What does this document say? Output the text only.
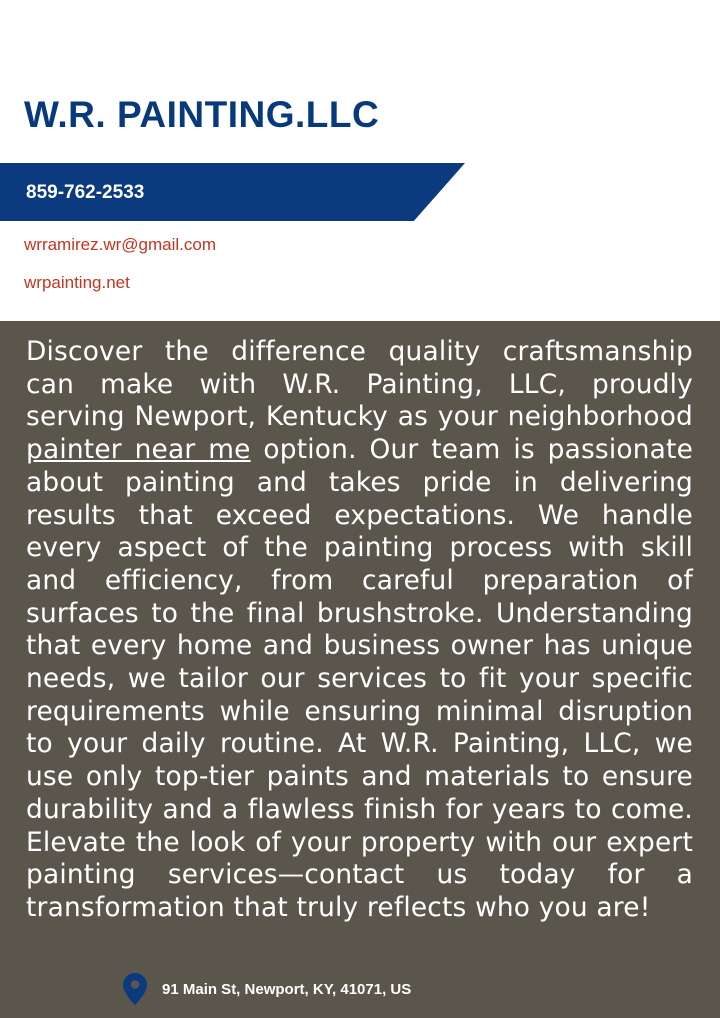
W.R. PAINTING.LLC
859-762-2533
wrramirez.wr@gmail.com
wrpainting.net

Discover the difference quality craftsmanship can make with W.R. Painting, LLC, proudly serving Newport, Kentucky as your neighborhood painter near me option. Our team is passionate about painting and takes pride in delivering results that exceed expectations. We handle every aspect of the painting process with skill and efficiency, from careful preparation of surfaces to the final brushstroke. Understanding that every home and business owner has unique needs, we tailor our services to fit your specific requirements while ensuring minimal disruption to your daily routine. At W.R. Painting, LLC, we use only top-tier paints and materials to ensure durability and a flawless finish for years to come. Elevate the look of your property with our expert painting services—contact us today for a transformation that truly reflects who you are!

91 Main St, Newport, KY, 41071, US
